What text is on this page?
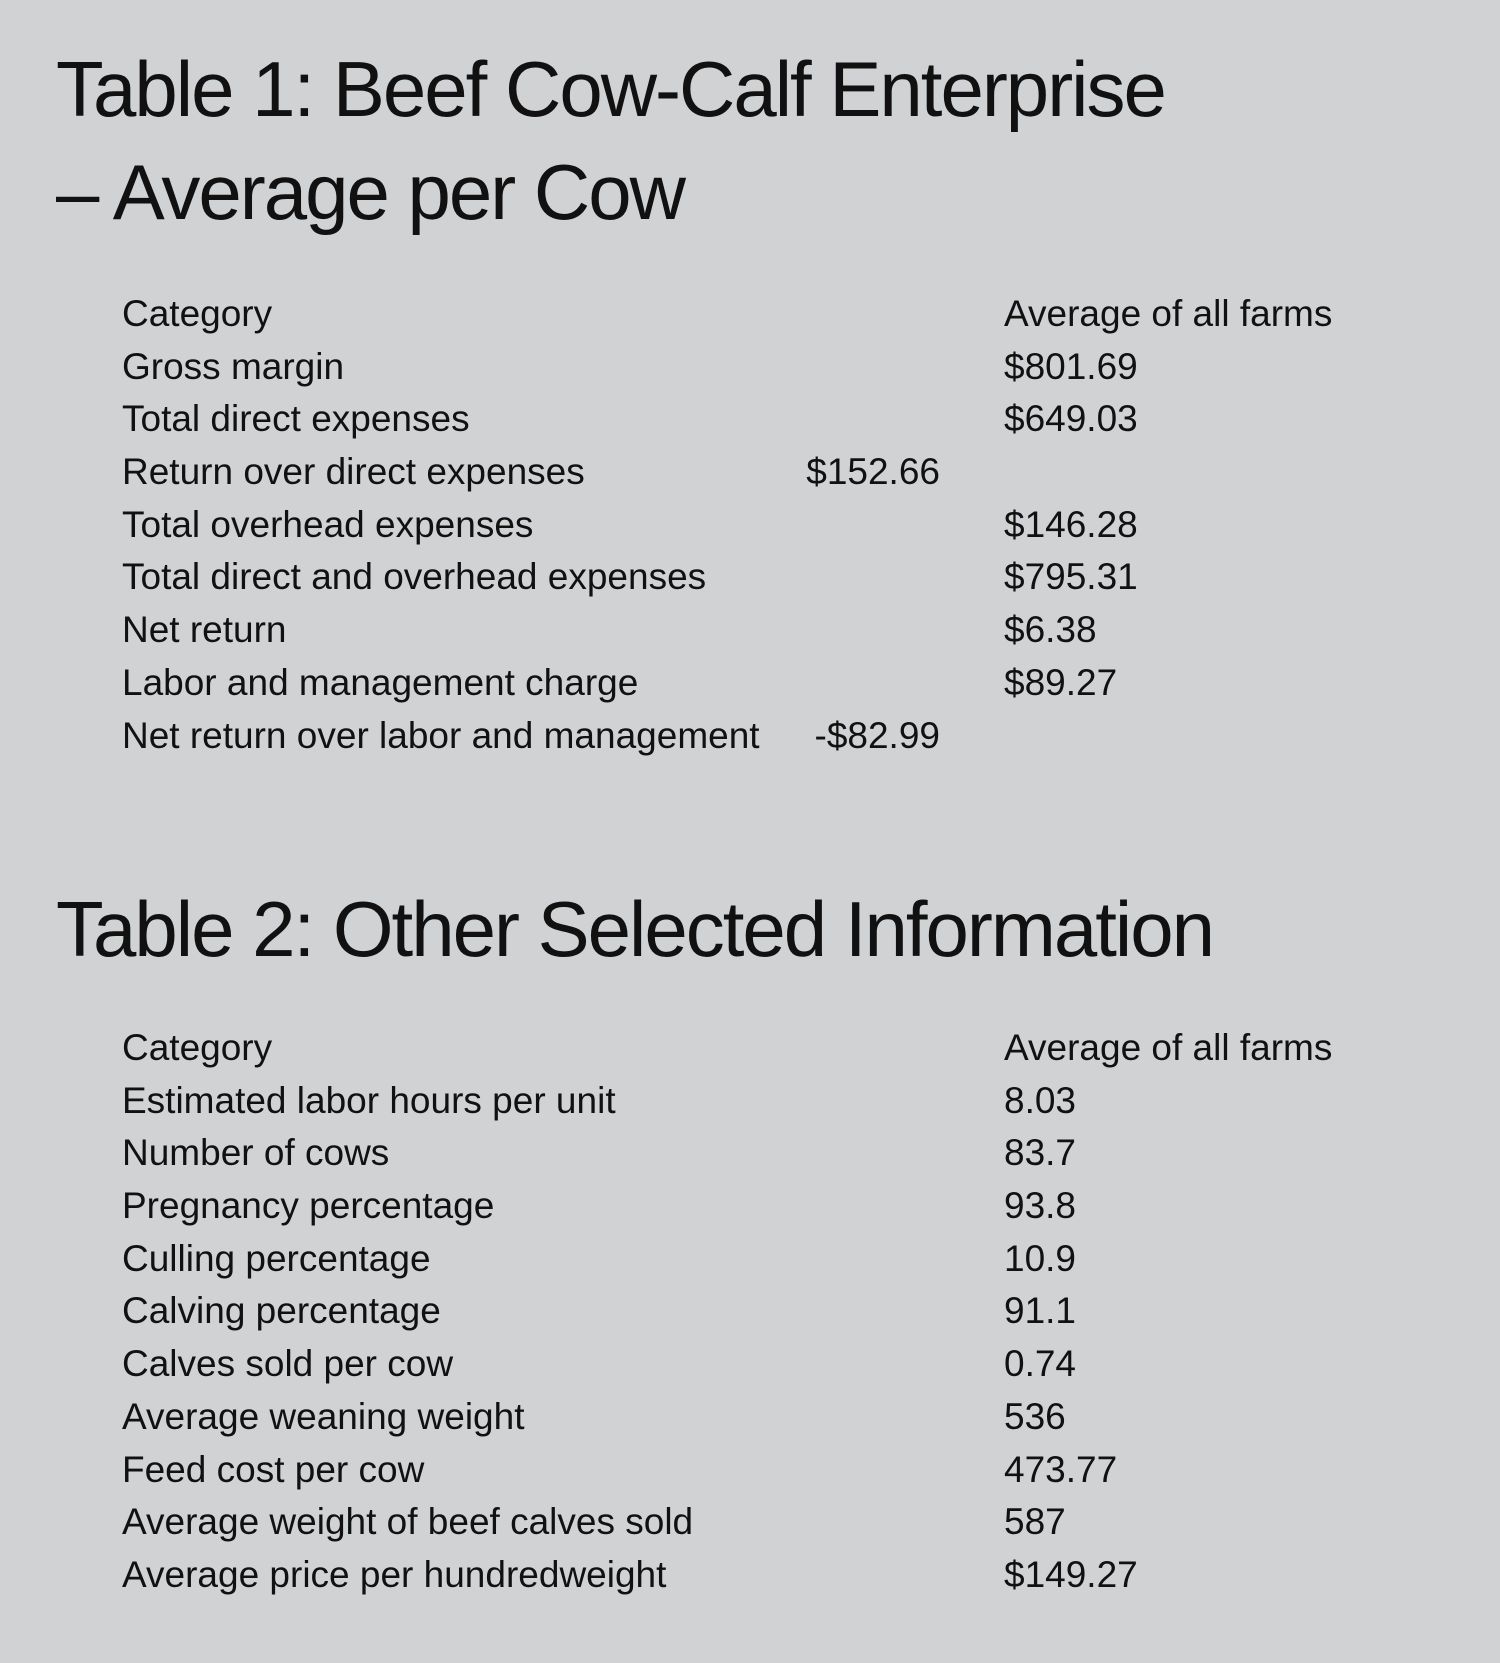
Table 1: Beef Cow-Calf Enterprise
– Average per Cow
Category	Average of all farms
Gross margin	$801.69
Total direct expenses	$649.03
Return over direct expenses	$152.66
Total overhead expenses	$146.28
Total direct and overhead expenses	$795.31
Net return	$6.38
Labor and management charge	$89.27
Net return over labor and management	-$82.99
Table 2: Other Selected Information
Category	Average of all farms
Estimated labor hours per unit	8.03
Number of cows	83.7
Pregnancy percentage	93.8
Culling percentage	10.9
Calving percentage	91.1
Calves sold per cow	0.74
Average weaning weight	536
Feed cost per cow	473.77
Average weight of beef calves sold	587
Average price per hundredweight	$149.27
